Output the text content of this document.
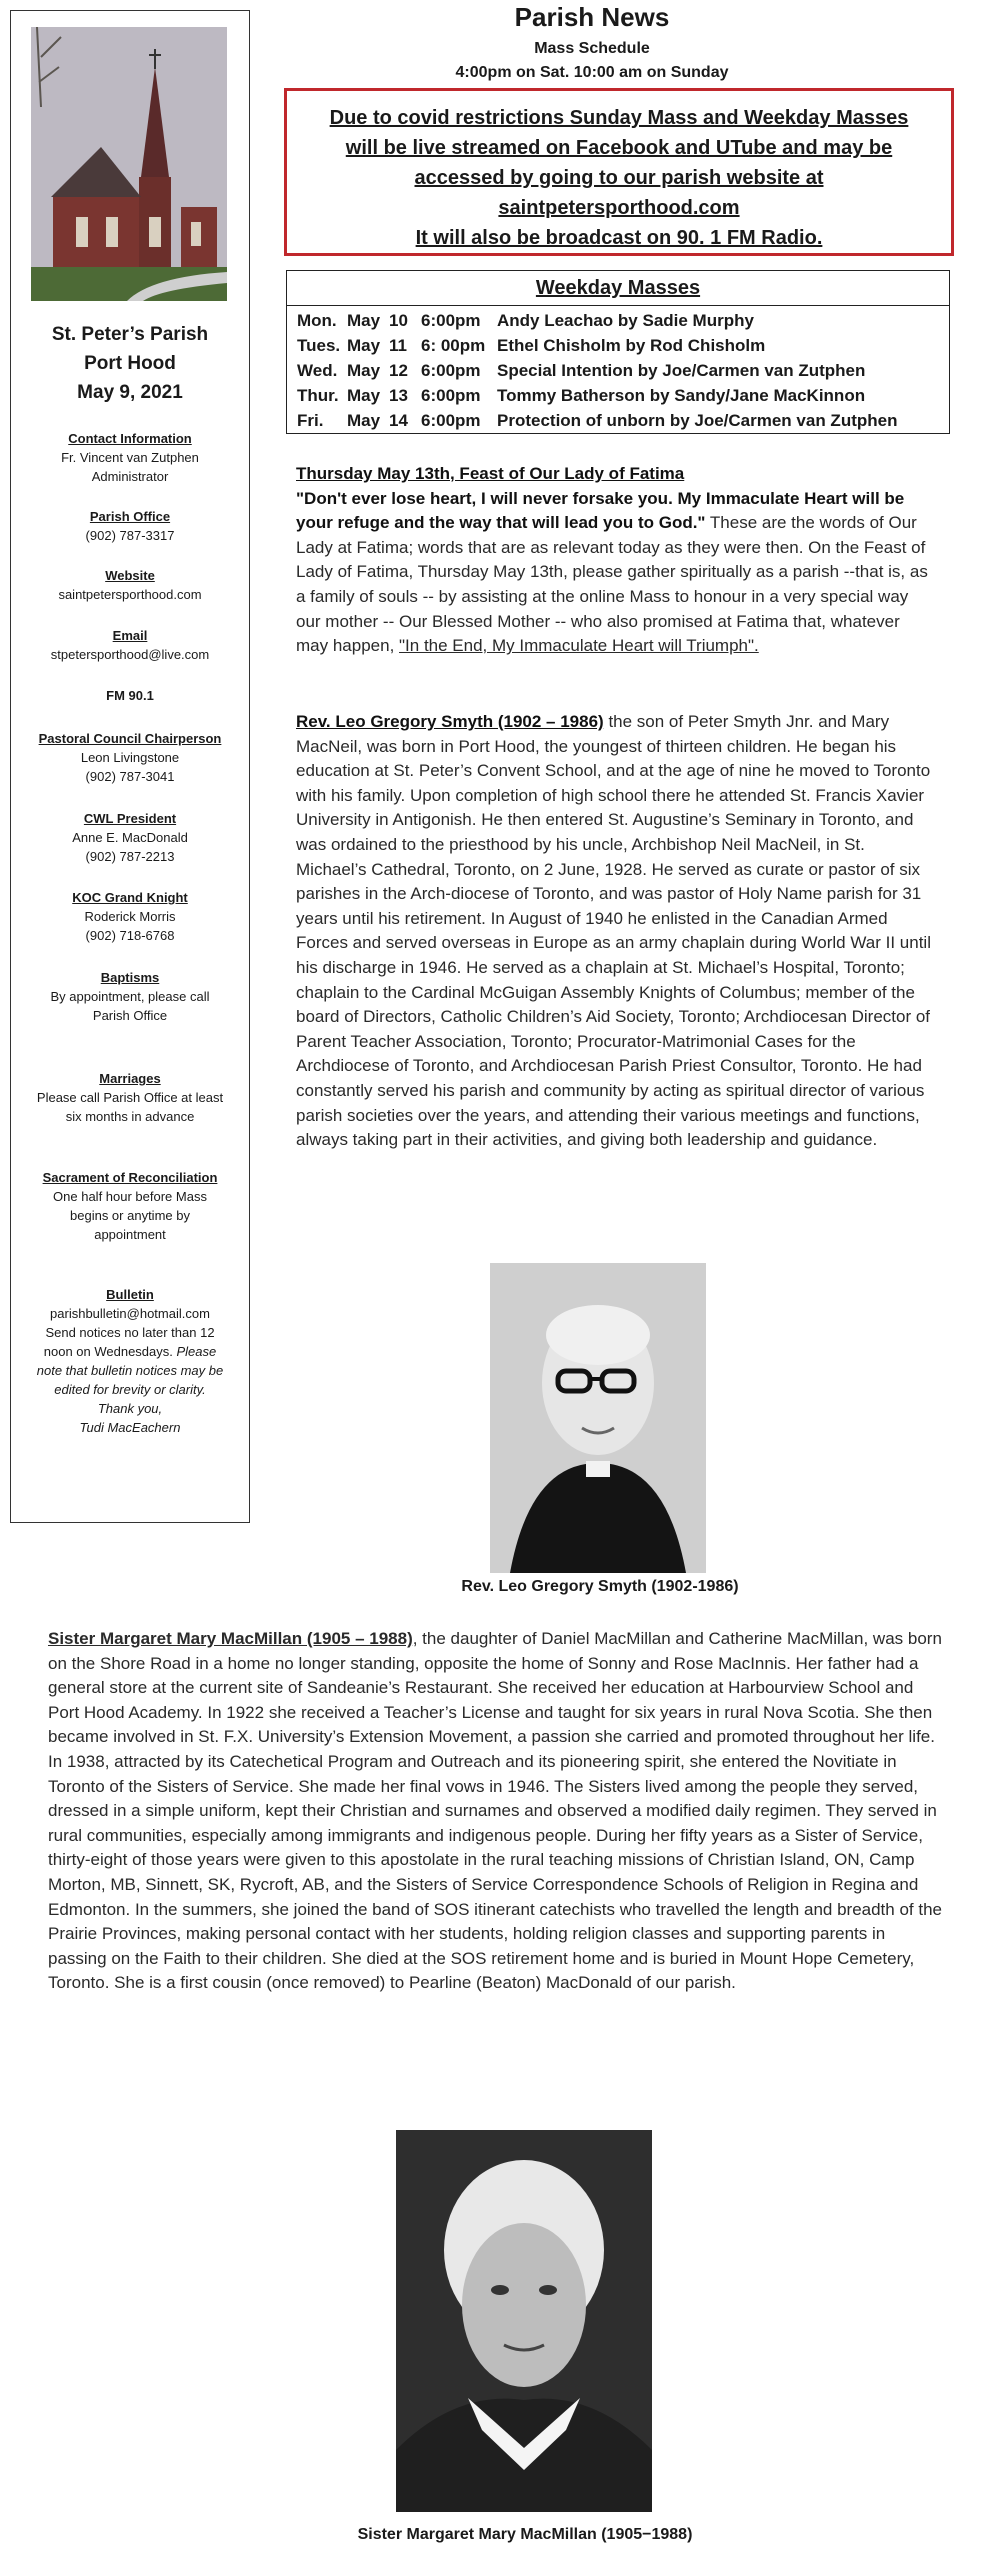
St. Peter’s Parish
Port Hood
May 9, 2021
Contact Information
Fr. Vincent van Zutphen
Administrator
Parish Office
(902) 787-3317
Website
saintpetersporthood.com
Email
stpetersporthood@live.com
FM 90.1
Pastoral Council Chairperson
Leon Livingstone
(902) 787-3041
CWL President
Anne E. MacDonald
(902) 787-2213
KOC Grand Knight
Roderick Morris
(902) 718-6768
Baptisms
By appointment, please call
Parish Office
Marriages
Please call Parish Office at least
six months in advance
Sacrament of Reconciliation
One half hour before Mass
begins or anytime by
appointment
Bulletin
parishbulletin@hotmail.com
Send notices no later than 12
noon on Wednesdays. Please
note that bulletin notices may be
edited for brevity or clarity.
Thank you,
Tudi MacEachern
Parish News
Mass Schedule
4:00pm on Sat. 10:00 am on Sunday
Due to covid restrictions Sunday Mass and Weekday Masses
will be live streamed on Facebook and UTube and may be
accessed by going to our parish website at
saintpetersporthood.com
It will also be broadcast on 90. 1 FM Radio.
Weekday Masses
Mon. May 10 6:00pm Andy Leachao by Sadie Murphy
Tues. May 11 6: 00pm Ethel Chisholm by Rod Chisholm
Wed. May 12 6:00pm Special Intention by Joe/Carmen van Zutphen
Thur. May 13 6:00pm Tommy Batherson by Sandy/Jane MacKinnon
Fri. May 14 6:00pm Protection of unborn by Joe/Carmen van Zutphen
Thursday May 13th, Feast of Our Lady of Fatima
"Don't ever lose heart, I will never forsake you. My Immaculate Heart will be your refuge and the way that will lead you to God." These are the words of Our Lady at Fatima; words that are as relevant today as they were then. On the Feast of Lady of Fatima, Thursday May 13th, please gather spiritually as a parish --that is, as a family of souls -- by assisting at the online Mass to honour in a very special way our mother -- Our Blessed Mother -- who also promised at Fatima that, whatever may happen, "In the End, My Immaculate Heart will Triumph".
Rev. Leo Gregory Smyth (1902 – 1986) the son of Peter Smyth Jnr. and Mary MacNeil, was born in Port Hood, the youngest of thirteen children. He began his education at St. Peter’s Convent School, and at the age of nine he moved to Toronto with his family. Upon completion of high school there he attended St. Francis Xavier University in Antigonish. He then entered St. Augustine’s Seminary in Toronto, and was ordained to the priesthood by his uncle, Archbishop Neil MacNeil, in St. Michael’s Cathedral, Toronto, on 2 June, 1928. He served as curate or pastor of six parishes in the Arch-diocese of Toronto, and was pastor of Holy Name parish for 31 years until his retirement. In August of 1940 he enlisted in the Canadian Armed Forces and served overseas in Europe as an army chaplain during World War II until his discharge in 1946. He served as a chaplain at St. Michael’s Hospital, Toronto; chaplain to the Cardinal McGuigan Assembly Knights of Columbus; member of the board of Directors, Catholic Children’s Aid Society, Toronto; Archdiocesan Director of Parent Teacher Association, Toronto; Procurator-Matrimonial Cases for the Archdiocese of Toronto, and Archdiocesan Parish Priest Consultor, Toronto. He had constantly served his parish and community by acting as spiritual director of various parish societies over the years, and attending their various meetings and functions, always taking part in their activities, and giving both leadership and guidance.
Rev. Leo Gregory Smyth (1902-1986)
Sister Margaret Mary MacMillan (1905 – 1988), the daughter of Daniel MacMillan and Catherine MacMillan, was born on the Shore Road in a home no longer standing, opposite the home of Sonny and Rose MacInnis. Her father had a general store at the current site of Sandeanie’s Restaurant. She received her education at Harbourview School and Port Hood Academy. In 1922 she received a Teacher’s License and taught for six years in rural Nova Scotia. She then became involved in St. F.X. University’s Extension Movement, a passion she carried and promoted throughout her life. In 1938, attracted by its Catechetical Program and Outreach and its pioneering spirit, she entered the Novitiate in Toronto of the Sisters of Service. She made her final vows in 1946. The Sisters lived among the people they served, dressed in a simple uniform, kept their Christian and surnames and observed a modified daily regimen. They served in rural communities, especially among immigrants and indigenous people. During her fifty years as a Sister of Service, thirty-eight of those years were given to this apostolate in the rural teaching missions of Christian Island, ON, Camp Morton, MB, Sinnett, SK, Rycroft, AB, and the Sisters of Service Correspondence Schools of Religion in Regina and Edmonton. In the summers, she joined the band of SOS itinerant catechists who travelled the length and breadth of the Prairie Provinces, making personal contact with her students, holding religion classes and supporting parents in passing on the Faith to their children. She died at the SOS retirement home and is buried in Mount Hope Cemetery, Toronto. She is a first cousin (once removed) to Pearline (Beaton) MacDonald of our parish.
Sister Margaret Mary MacMillan (1905−1988)
